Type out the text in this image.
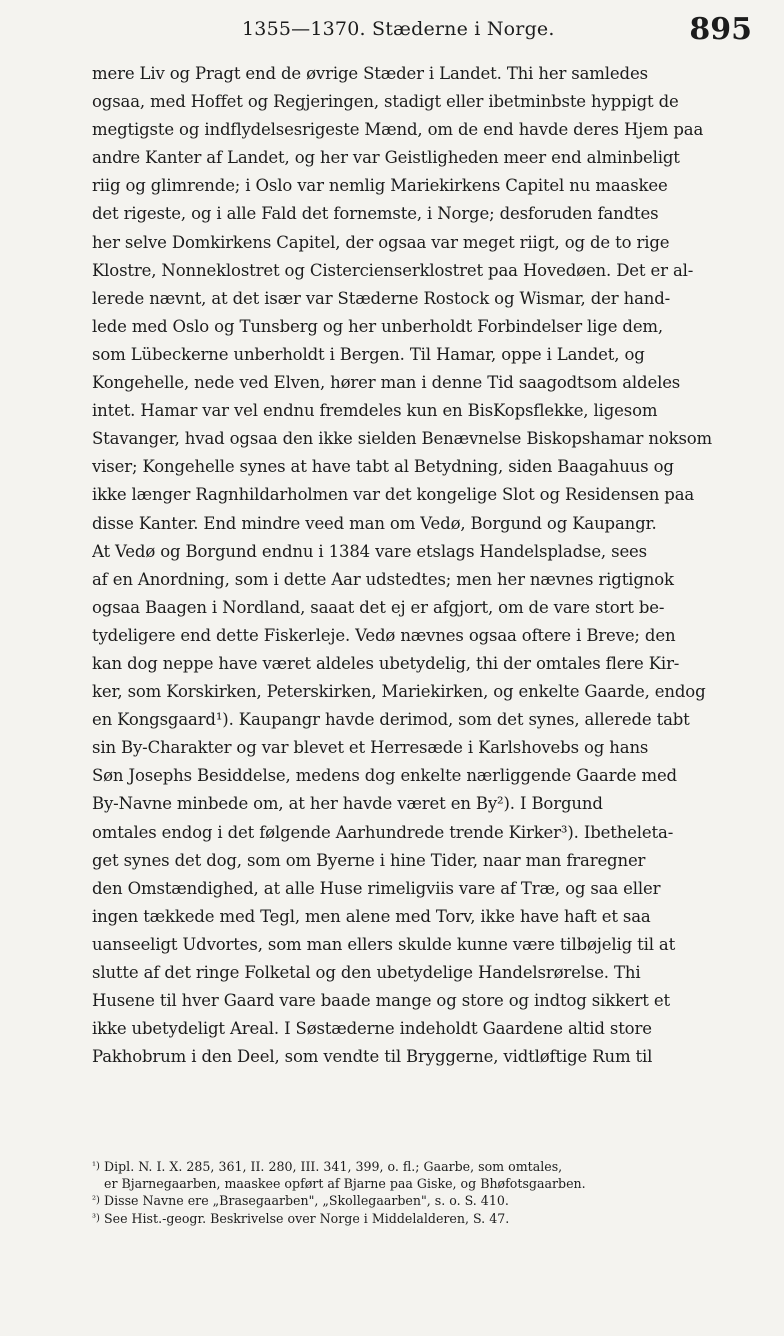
1355—1370. Stæderne i Norge.	895
mere Liv og Pragt end de øvrige Stæder i Landet. Thi her samledes
ogsaa, med Hoffet og Regjeringen, stadigt eller ibetminbste hyppigt de
megtigste og indflydelsesrigeste Mænd, om de end havde deres Hjem paa
andre Kanter af Landet, og her var Geistligheden meer end alminbeligt
riig og glimrende; i Oslo var nemlig Mariekirkens Capitel nu maaskee
det rigeste, og i alle Fald det fornemste, i Norge; desforuden fandtes
her selve Domkirkens Capitel, der ogsaa var meget riigt, og de to rige
Klostre, Nonneklostret og Cistercienserklostret paa Hovedøen. Det er al-
lerede nævnt, at det især var Stæderne Rostock og Wismar, der hand-
lede med Oslo og Tunsberg og her unberholdt Forbindelser lige dem,
som Lübeckerne unberholdt i Bergen. Til Hamar, oppe i Landet, og
Kongehelle, nede ved Elven, hører man i denne Tid saagodtsom aldeles
intet. Hamar var vel endnu fremdeles kun en BisKopsflekke, ligesom
Stavanger, hvad ogsaa den ikke sielden Benævnelse Biskopshamar noksom
viser; Kongehelle synes at have tabt al Betydning, siden Baagahuus og
ikke længer Ragnhildarholmen var det kongelige Slot og Residensen paa
disse Kanter. End mindre veed man om Vedø, Borgund og Kaupangr.
At Vedø og Borgund endnu i 1384 vare etslags Handelspladse, sees
af en Anordning, som i dette Aar udstedtes; men her nævnes rigtignok
ogsaa Baagen i Nordland, saaat det ej er afgjort, om de vare stort be-
tydeligere end dette Fiskerleje. Vedø nævnes ogsaa oftere i Breve; den
kan dog neppe have været aldeles ubetydelig, thi der omtales flere Kir-
ker, som Korskirken, Peterskirken, Mariekirken, og enkelte Gaarde, endog
en Kongsgaard¹). Kaupangr havde derimod, som det synes, allerede tabt
sin By-Charakter og var blevet et Herresæde i Karlshovebs og hans
Søn Josephs Besiddelse, medens dog enkelte nærliggende Gaarde med
By-Navne minbede om, at her havde været en By²). I Borgund
omtales endog i det følgende Aarhundrede trende Kirker³). Ibetheleta-
get synes det dog, som om Byerne i hine Tider, naar man fraregner
den Omstændighed, at alle Huse rimeligviis vare af Træ, og saa eller
ingen tækkede med Tegl, men alene med Torv, ikke have haft et saa
uanseeligt Udvortes, som man ellers skulde kunne være tilbøjelig til at
slutte af det ringe Folketal og den ubetydelige Handelsrørelse. Thi
Husene til hver Gaard vare baade mange og store og indtog sikkert et
ikke ubetydeligt Areal. I Søstæderne indeholdt Gaardene altid store
Pakhobrum i den Deel, som vendte til Bryggerne, vidtløftige Rum til
¹) Dipl. N. I. X. 285, 361, II. 280, III. 341, 399, o. fl.; Gaarbe, som omtales,
er Bjarnegaarben, maaskee opført af Bjarne paa Giske, og Bhøfotsgaarben.
²) Disse Navne ere „Brasegaarben", „Skollegaarben", s. o. S. 410.
³) See Hist.-geogr. Beskrivelse over Norge i Middelalderen, S. 47.
